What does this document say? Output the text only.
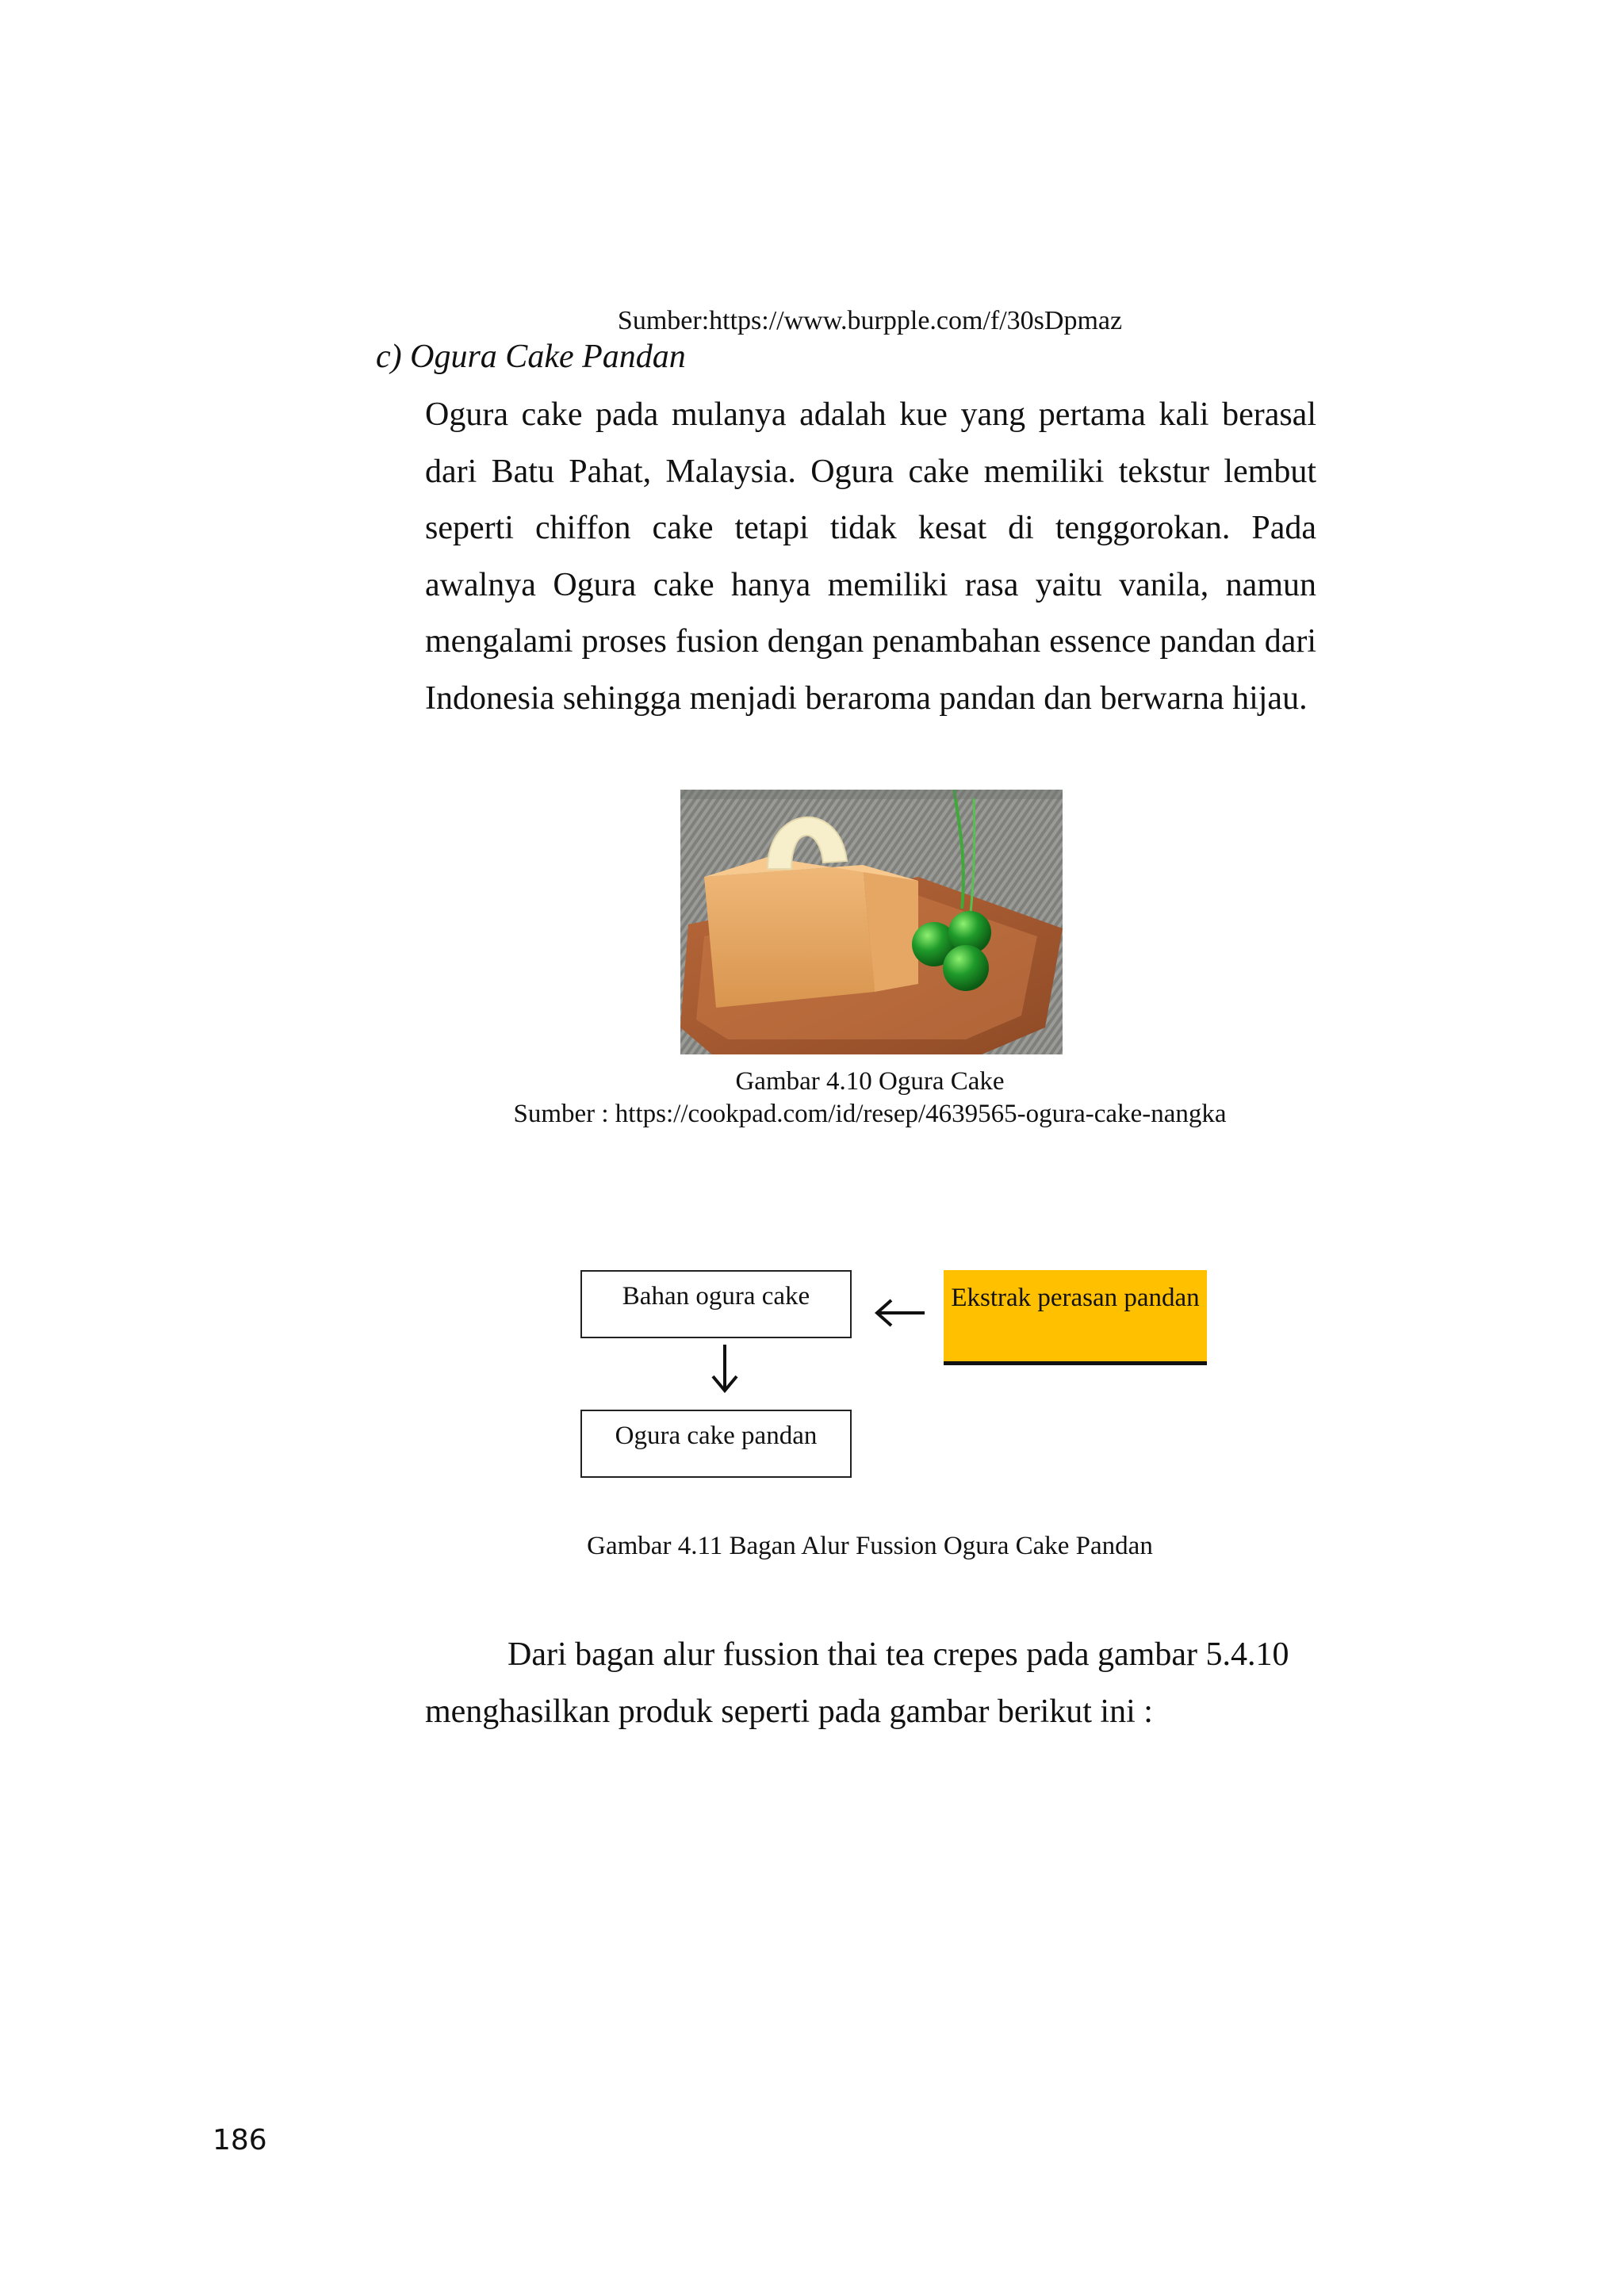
Sumber:https://www.burpple.com/f/30sDpmaz
c) Ogura Cake Pandan

Ogura cake pada mulanya adalah kue yang pertama kali berasal dari Batu Pahat, Malaysia. Ogura cake memiliki tekstur lembut seperti chiffon cake tetapi tidak kesat di tenggorokan. Pada awalnya Ogura cake hanya memiliki rasa yaitu vanila, namun mengalami proses fusion dengan penambahan essence pandan dari Indonesia sehingga menjadi beraroma pandan dan berwarna hijau.

Gambar 4.10 Ogura Cake
Sumber : https://cookpad.com/id/resep/4639565-ogura-cake-nangka
Bahan ogura cake	Ekstrak perasan pandan
Ogura cake pandan
Gambar 4.11 Bagan Alur Fussion Ogura Cake Pandan

Dari bagan alur fussion thai tea crepes pada gambar 5.4.10 menghasilkan produk seperti pada gambar berikut ini :

186
